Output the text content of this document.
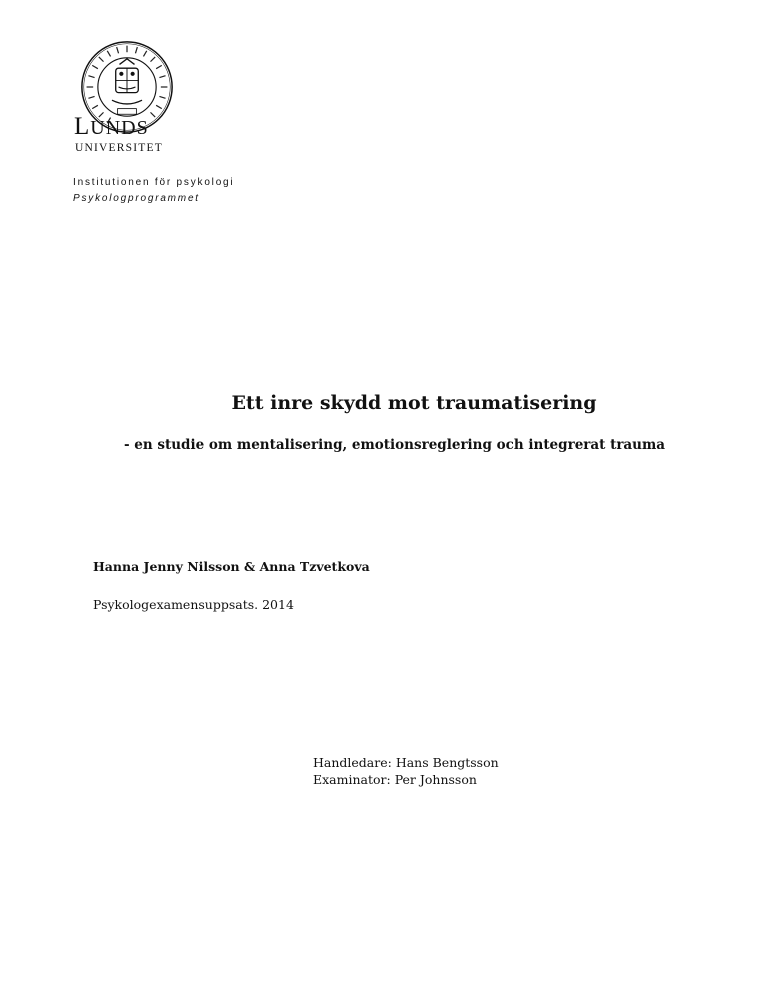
LUNDS
UNIVERSITET
Institutionen för psykologi
Psykologprogrammet
Ett inre skydd mot traumatisering
- en studie om mentalisering, emotionsreglering och integrerat trauma
Hanna Jenny Nilsson & Anna Tzvetkova
Psykologexamensuppsats. 2014
Handledare: Hans Bengtsson
Examinator: Per Johnsson
